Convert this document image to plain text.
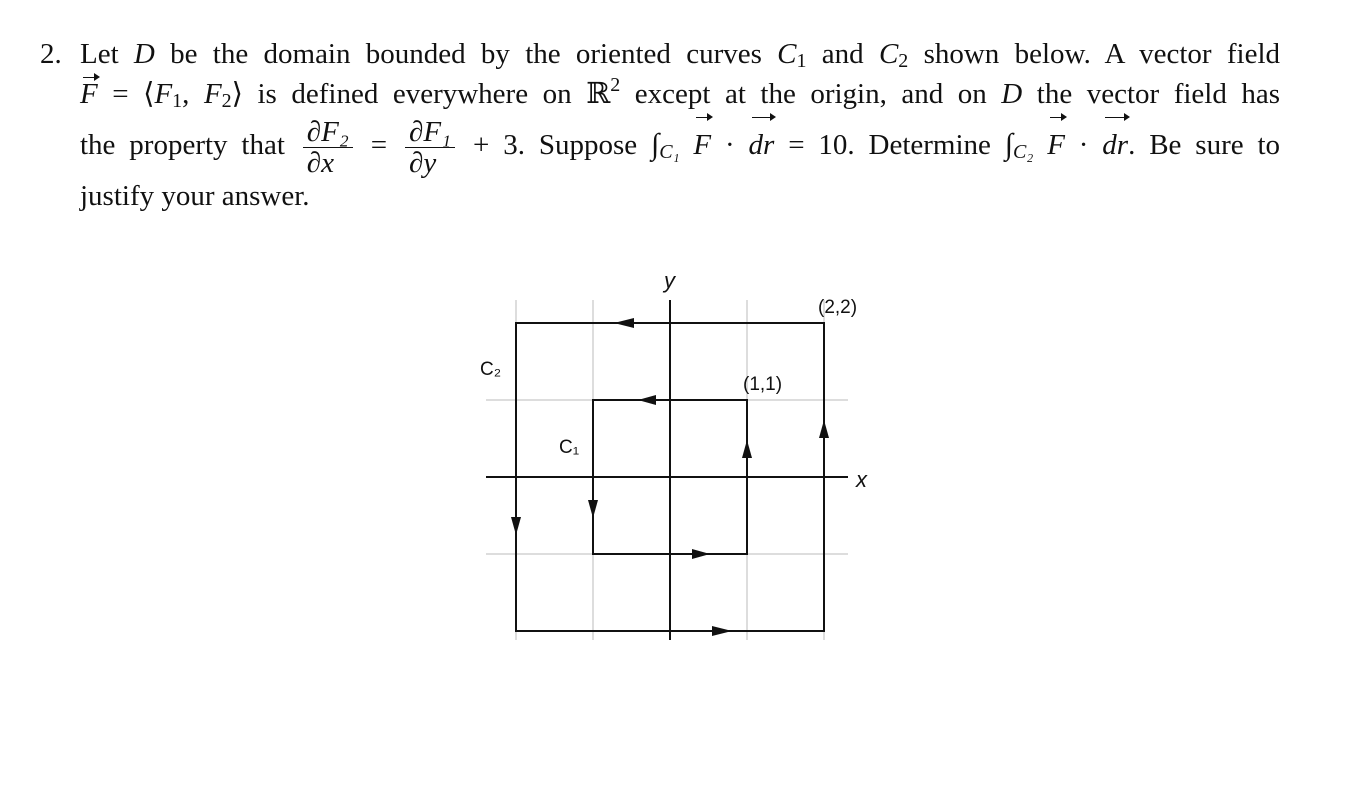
2. Let D be the domain bounded by the oriented curves $C_1$ and $C_2$ shown below. A vector field
$F = ⟨F_1$, $F_2⟩$ is defined everywhere on ℝ$^2$ except at the origin, and on D the vector field has
the property that $\frac{\text{∂F₂}}{\partial x} = \frac{\text{∂F₁}}{\partial y} + 3$. Suppose $\int_{C_1}$ F · dr = 10. Determine $\int_{C_2}$ F · dr. Be sure to
justify your answer.
y
x
C₂
C₁
(1,1)
(2,2)
